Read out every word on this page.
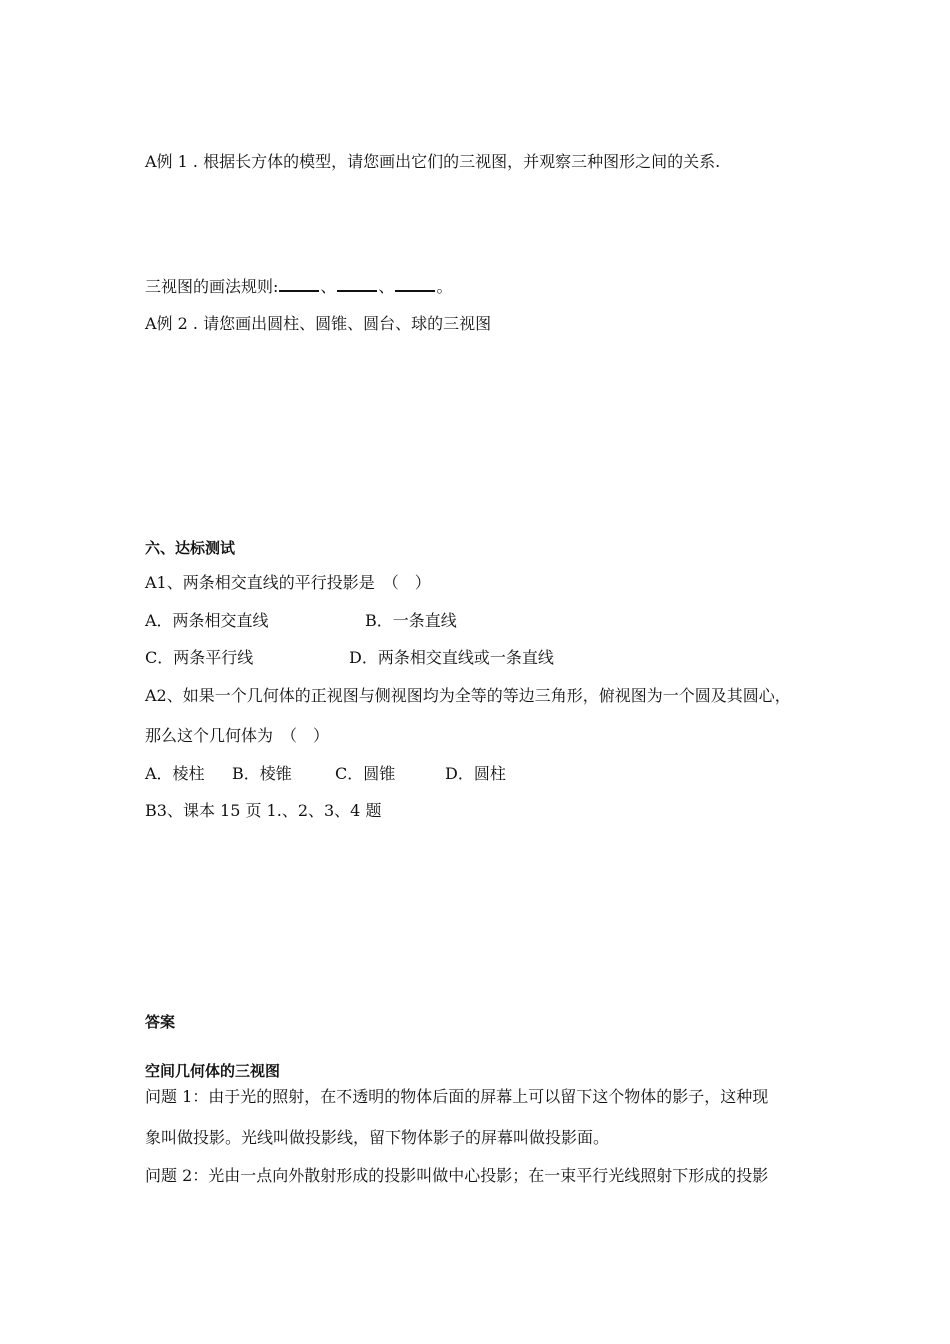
A例 1 . 根据长方体的模型，请您画出它们的三视图，并观察三种图形之间的关系.
三视图的画法规则:	、	、	。
A例 2 . 请您画出圆柱、圆锥、圆台、球的三视图
六、达标测试
A1、两条相交直线的平行投影是　（　）
A．两条相交直线	B．一条直线
C．两条平行线	D．两条相交直线或一条直线
A2、如果一个几何体的正视图与侧视图均为全等的等边三角形，俯视图为一个圆及其圆心，
那么这个几何体为　（　）
A．棱柱 B．棱锥	C．圆锥	D．圆柱
B3、课本 15 页 1.、2、3、4 题
答案
空间几何体的三视图
问题 1：由于光的照射，在不透明的物体后面的屏幕上可以留下这个物体的影子，这种现
象叫做投影。光线叫做投影线，留下物体影子的屏幕叫做投影面。
问题 2：光由一点向外散射形成的投影叫做中心投影；在一束平行光线照射下形成的投影
